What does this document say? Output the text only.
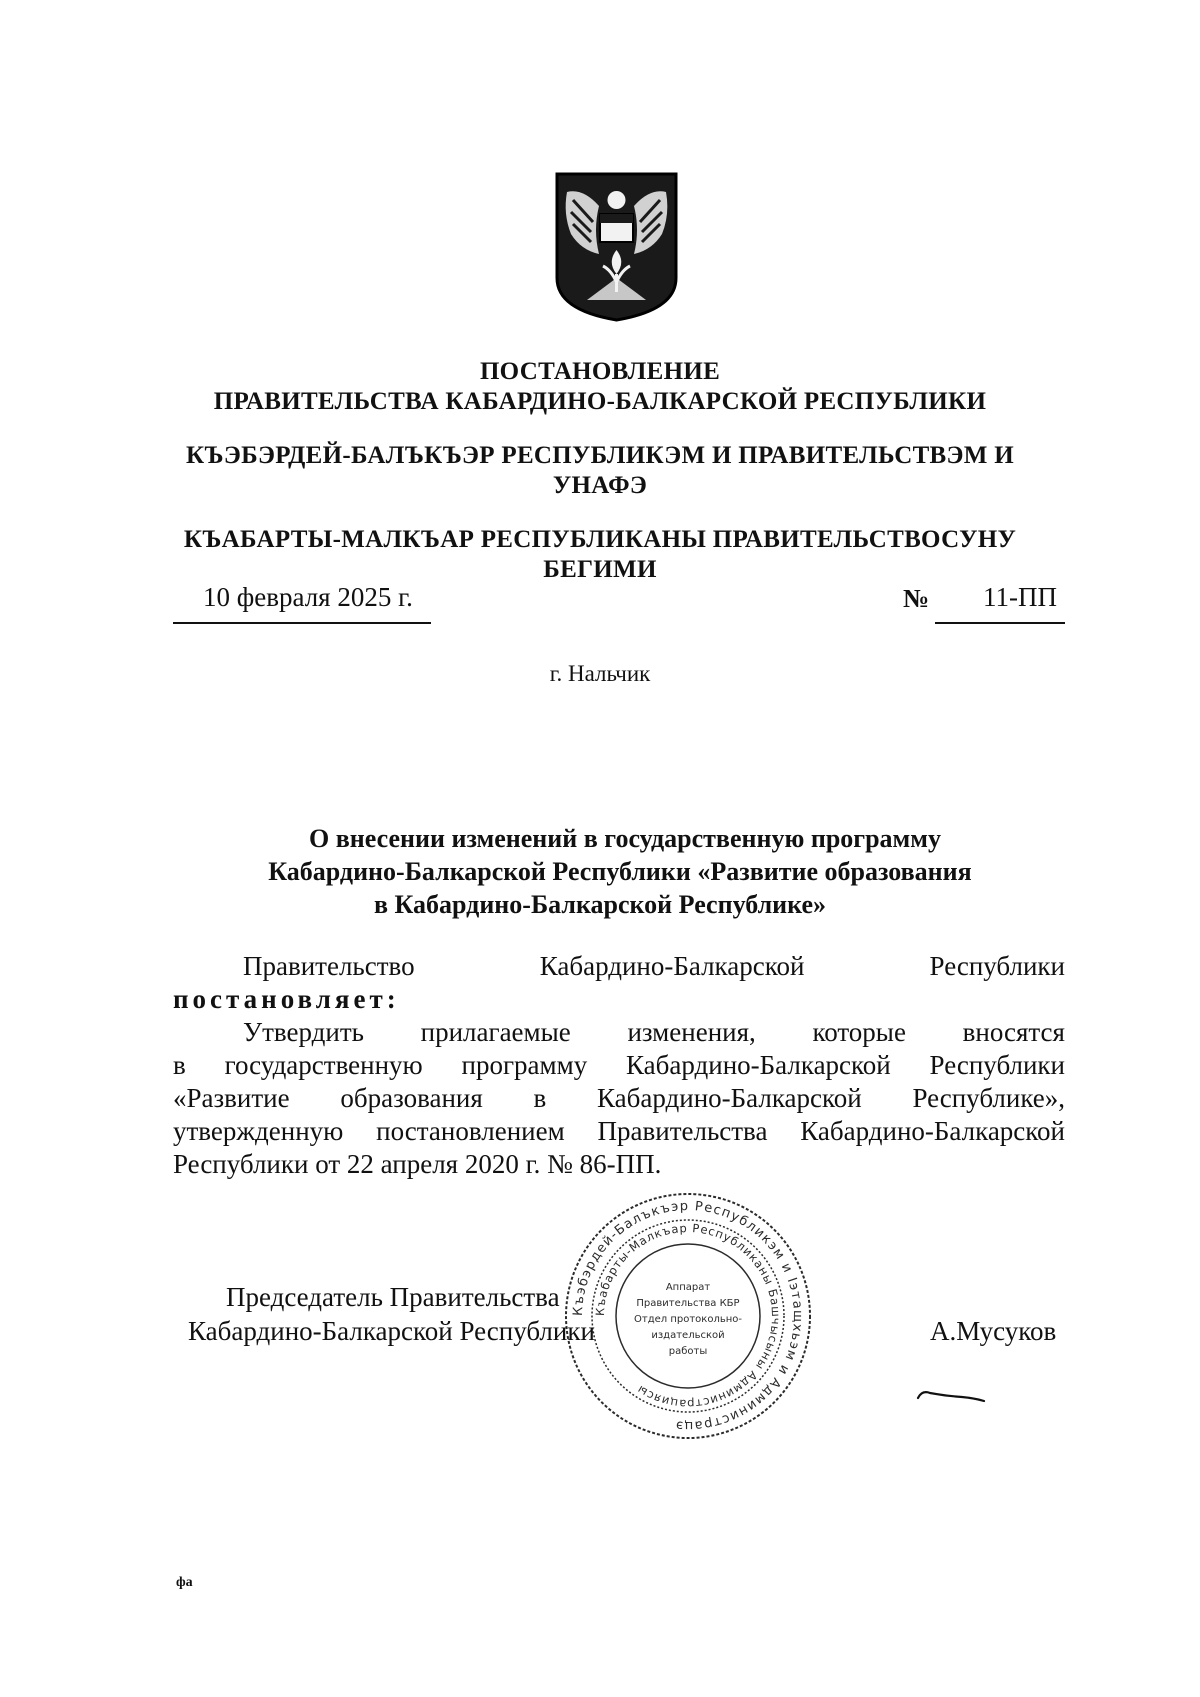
ПОСТАНОВЛЕНИЕ
ПРАВИТЕЛЬСТВА КАБАРДИНО-БАЛКАРСКОЙ РЕСПУБЛИКИ
КЪЭБЭРДЕЙ-БАЛЪКЪЭР РЕСПУБЛИКЭМ И ПРАВИТЕЛЬСТВЭМ И
УНАФЭ
КЪАБАРТЫ-МАЛКЪАР РЕСПУБЛИКАНЫ ПРАВИТЕЛЬСТВОСУНУ
БЕГИМИ
10 февраля 2025 г.	№ 11-ПП
г. Нальчик
О внесении изменений в государственную программу
Кабардино-Балкарской Республики «Развитие образования
в Кабардино-Балкарской Республике»
Правительство	Кабардино-Балкарской	Республики
постановляет:
Утвердить прилагаемые изменения, которые вносятся
в государственную программу Кабардино-Балкарской Республики
«Развитие образования в Кабардино-Балкарской Республике»,
утвержденную постановлением Правительства Кабардино-Балкарской
Республики от 22 апреля 2020 г. № 86-ПП.
Къэбэрдей-Балъкъэр Республикэм и Іэтащхьэм и Администрацэ
Къабарты-Малкъар Республиканы Башчысыны Администрациясы
Аппарат
Правительства КБР
Отдел протокольно-
издательской
работы
Председатель Правительства
Кабардино-Балкарской Республики	А.Мусуков
фа
